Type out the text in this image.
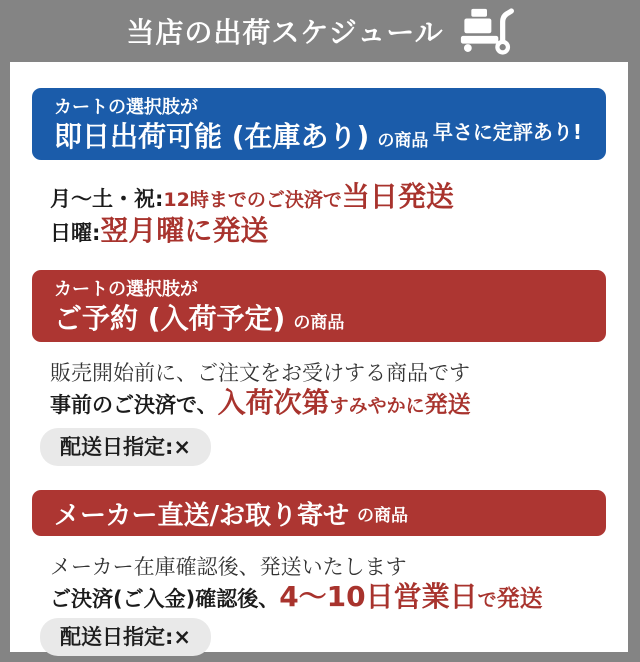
当店の出荷スケジュール
カートの選択肢が
即日出荷可能 (在庫あり) の商品 早さに定評あり!
月〜土・祝:12時までのご決済で当日発送
日曜:翌月曜に発送
カートの選択肢が
ご予約 (入荷予定) の商品
販売開始前に、ご注文をお受けする商品です
事前のご決済で、入荷次第すみやかに発送
配送日指定:×
メーカー直送/お取り寄せ の商品
メーカー在庫確認後、発送いたします
ご決済(ご入金)確認後、4〜10日営業日で発送
配送日指定:×
